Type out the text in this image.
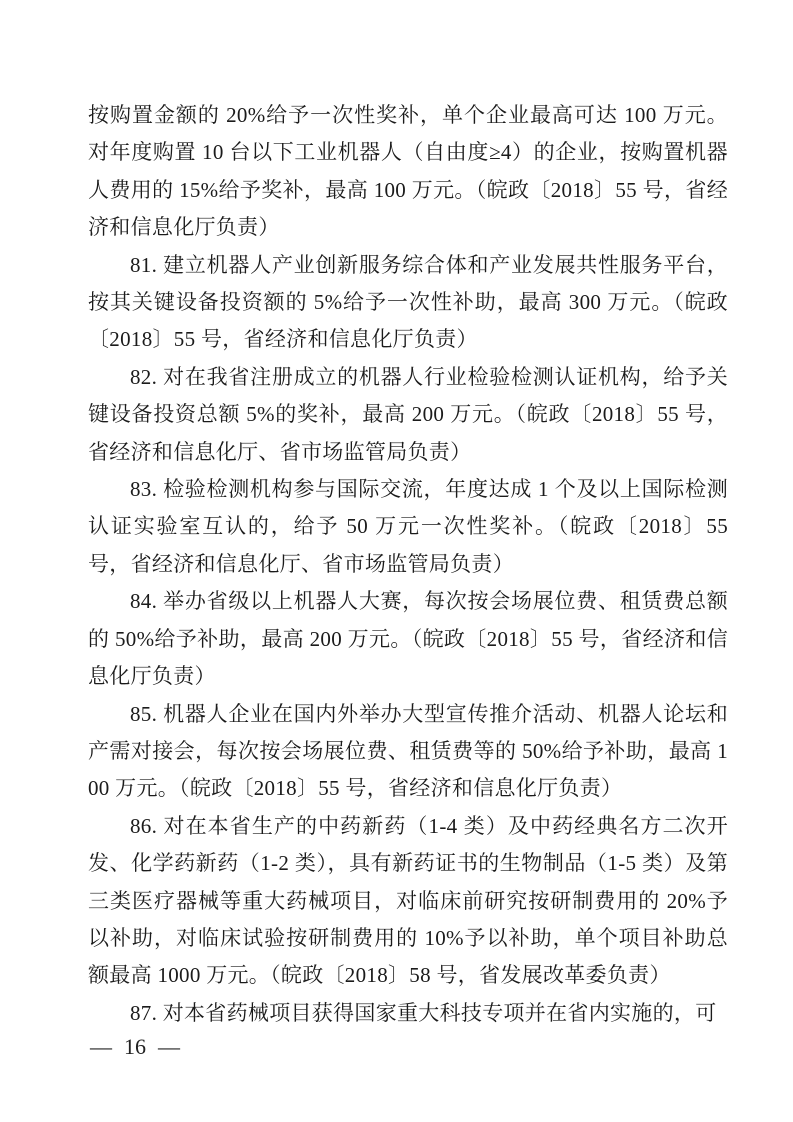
按购置金额的 20%给予一次性奖补，单个企业最高可达 100 万元。对年度购置 10 台以下工业机器人（自由度≥4）的企业，按购置机器人费用的 15%给予奖补，最高 100 万元。（皖政〔2018〕55 号，省经济和信息化厅负责）

81. 建立机器人产业创新服务综合体和产业发展共性服务平台，按其关键设备投资额的 5%给予一次性补助，最高 300 万元。（皖政〔2018〕55 号，省经济和信息化厅负责）

82. 对在我省注册成立的机器人行业检验检测认证机构，给予关键设备投资总额 5%的奖补，最高 200 万元。（皖政〔2018〕55 号，省经济和信息化厅、省市场监管局负责）

83. 检验检测机构参与国际交流，年度达成 1 个及以上国际检测认证实验室互认的，给予 50 万元一次性奖补。（皖政〔2018〕55 号，省经济和信息化厅、省市场监管局负责）

84. 举办省级以上机器人大赛，每次按会场展位费、租赁费总额的 50%给予补助，最高 200 万元。（皖政〔2018〕55 号，省经济和信息化厅负责）

85. 机器人企业在国内外举办大型宣传推介活动、机器人论坛和产需对接会，每次按会场展位费、租赁费等的 50%给予补助，最高 100 万元。（皖政〔2018〕55 号，省经济和信息化厅负责）

86. 对在本省生产的中药新药（1-4 类）及中药经典名方二次开发、化学药新药（1-2 类），具有新药证书的生物制品（1-5 类）及第三类医疗器械等重大药械项目，对临床前研究按研制费用的 20%予以补助，对临床试验按研制费用的 10%予以补助，单个项目补助总额最高 1000 万元。（皖政〔2018〕58 号，省发展改革委负责）

87. 对本省药械项目获得国家重大科技专项并在省内实施的，可

— 16 —
